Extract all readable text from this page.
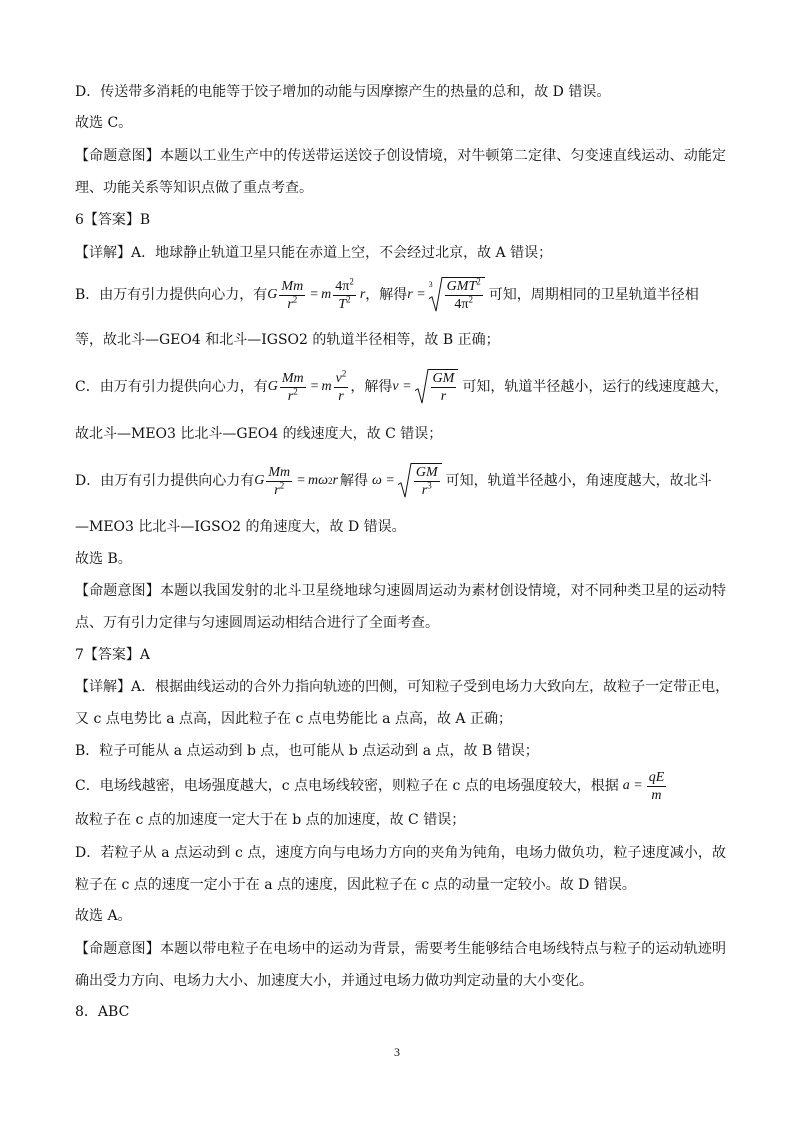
D．传送带多消耗的电能等于饺子增加的动能与因摩擦产生的热量的总和，故 D 错误。
故选 C。
【命题意图】本题以工业生产中的传送带运送饺子创设情境，对牛顿第二定律、匀变速直线运动、动能定
理、功能关系等知识点做了重点考查。
6【答案】B
【详解】A．地球静止轨道卫星只能在赤道上空，不会经过北京，故 A 错误；
B．由万有引力提供向心力，有 G $\frac{Mm}{r^2} = m \frac{4\pi^2}{T^2}$ r ，解得 r =
$3 \frac{GMT^2}{4\pi^2}$ 可知，周期相同的卫星轨道半径相
等，故北斗—GEO4 和北斗—IGSO2 的轨道半径相等，故 B 正确；
C．由万有引力提供向心力，有 G $\frac{Mm}{r^2} = m \frac{v^2}{r}$ ，解得 $v = \frac{GM}{r}$ 可知，轨道半径越小，运行的线速度越大，
故北斗—MEO3 比北斗—GEO4 的线速度大，故 C 错误；
D．由万有引力提供向心力有 G $\frac{Mm}{r^2} = m\omega$ 2 r 解得 $\omega = \frac{GM}{r^3}$ 可知，轨道半径越小，角速度越大，故北斗
—MEO3 比北斗—IGSO2 的角速度大，故 D 错误。
故选 B。
【命题意图】本题以我国发射的北斗卫星绕地球匀速圆周运动为素材创设情境，对不同种类卫星的运动特
点、万有引力定律与匀速圆周运动相结合进行了全面考查。
7【答案】A
【详解】A．根据曲线运动的合外力指向轨迹的凹侧，可知粒子受到电场力大致向左，故粒子一定带正电，
又 c 点电势比 a 点高，因此粒子在 c 点电势能比 a 点高，故 A 正确；
B．粒子可能从 a 点运动到 b 点，也可能从 b 点运动到 a 点，故 B 错误；
C．电场线越密，电场强度越大，c 点电场线较密，则粒子在 c 点的电场强度较大，根据 $a = \frac{qE}{m}$
故粒子在 c 点的加速度一定大于在 b 点的加速度，故 C 错误；
D．若粒子从 a 点运动到 c 点，速度方向与电场力方向的夹角为钝角，电场力做负功，粒子速度减小，故
粒子在 c 点的速度一定小于在 a 点的速度，因此粒子在 c 点的动量一定较小。故 D 错误。
故选 A。
【命题意图】本题以带电粒子在电场中的运动为背景，需要考生能够结合电场线特点与粒子的运动轨迹明
确出受力方向、电场力大小、加速度大小，并通过电场力做功判定动量的大小变化。
8．ABC
3
